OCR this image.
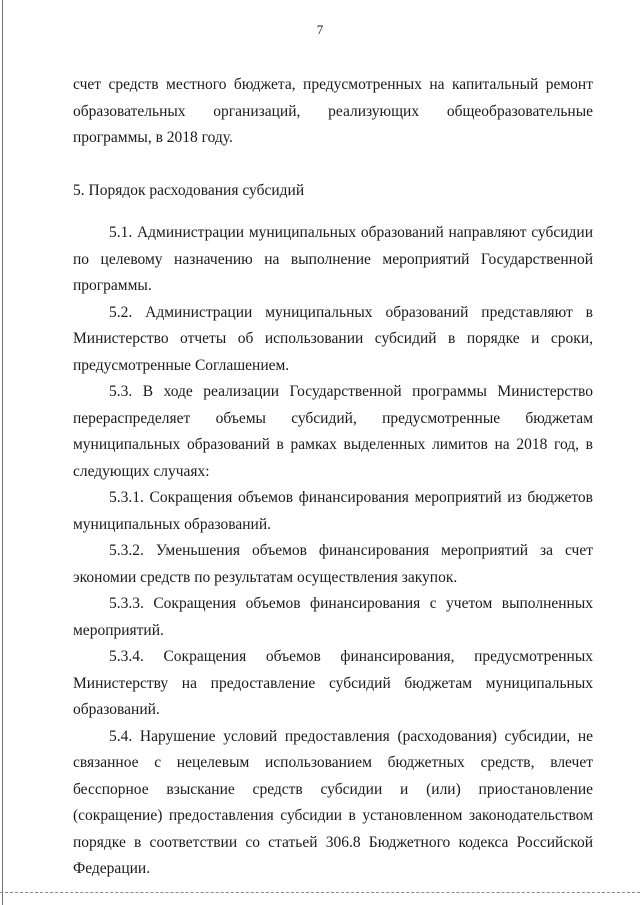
7

счет средств местного бюджета, предусмотренных на капитальный ремонт образовательных организаций, реализующих общеобразовательные программы, в 2018 году.

5. Порядок расходования субсидий

5.1. Администрации муниципальных образований направляют субсидии по целевому назначению на выполнение мероприятий Государственной программы.

5.2. Администрации муниципальных образований представляют в Министерство отчеты об использовании субсидий в порядке и сроки, предусмотренные Соглашением.

5.3. В ходе реализации Государственной программы Министерство перераспределяет объемы субсидий, предусмотренные бюджетам муниципальных образований в рамках выделенных лимитов на 2018 год, в следующих случаях:

5.3.1. Сокращения объемов финансирования мероприятий из бюджетов муниципальных образований.

5.3.2. Уменьшения объемов финансирования мероприятий за счет экономии средств по результатам осуществления закупок.

5.3.3. Сокращения объемов финансирования с учетом выполненных мероприятий.

5.3.4. Сокращения объемов финансирования, предусмотренных Министерству на предоставление субсидий бюджетам муниципальных образований.

5.4. Нарушение условий предоставления (расходования) субсидии, не связанное с нецелевым использованием бюджетных средств, влечет бесспорное взыскание средств субсидии и (или) приостановление (сокращение) предоставления субсидии в установленном законодательством порядке в соответствии со статьей 306.8 Бюджетного кодекса Российской Федерации.
